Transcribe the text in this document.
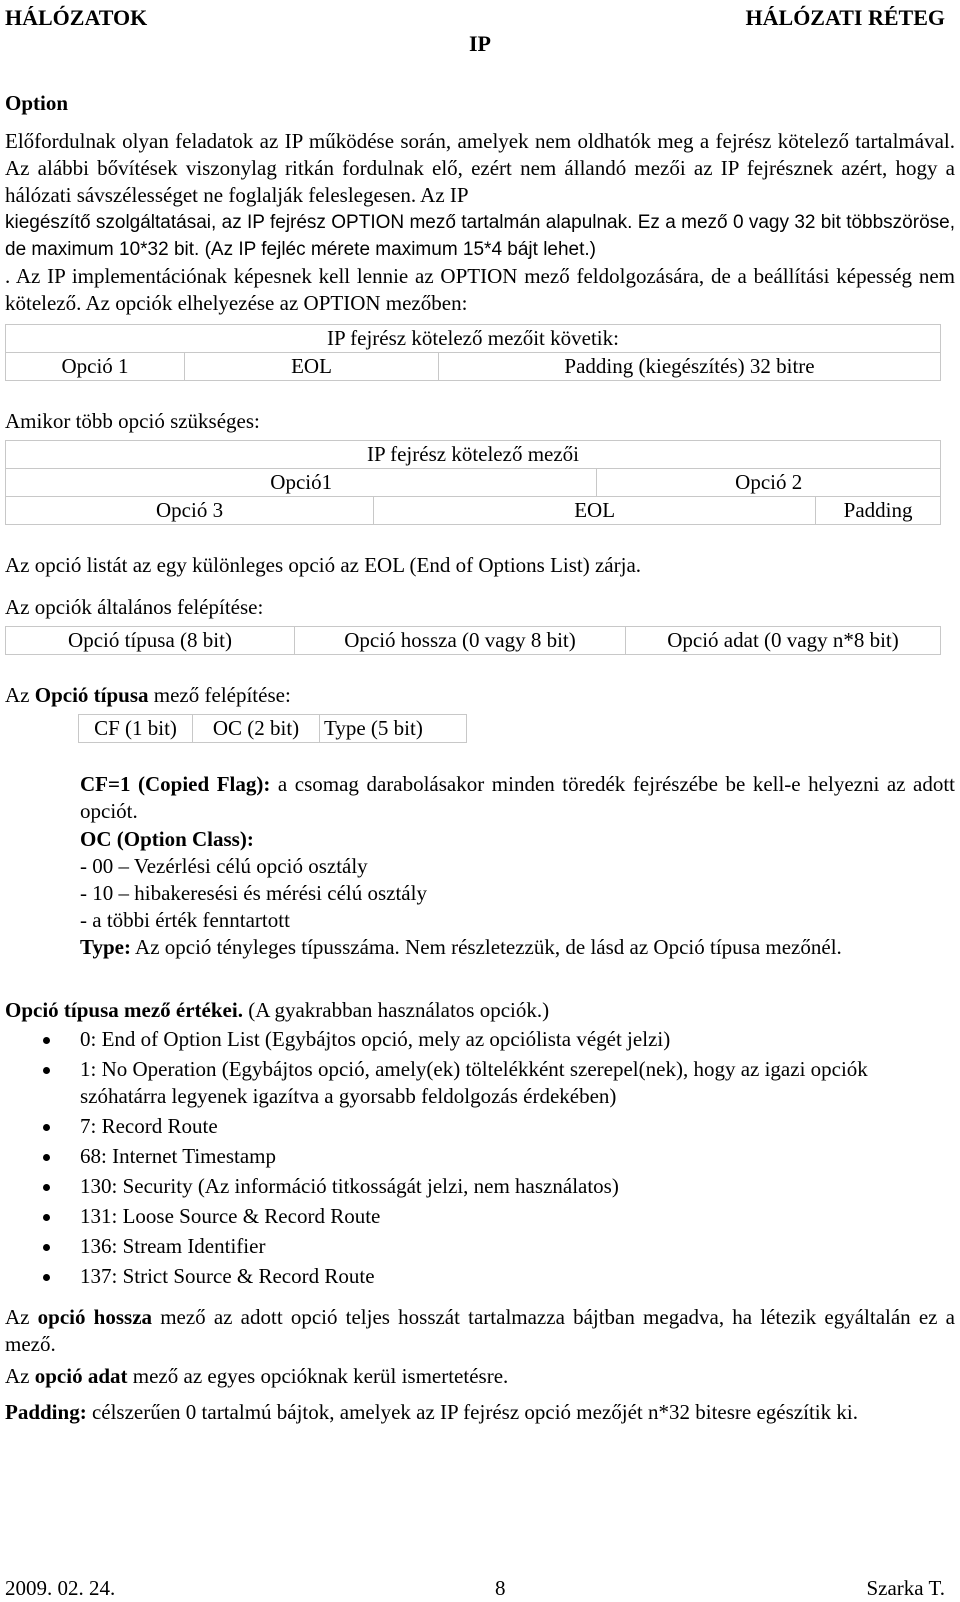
HÁLÓZATOK	HÁLÓZATI RÉTEG
IP
Option
Előfordulnak olyan feladatok az IP működése során, amelyek nem oldhatók meg a fejrész kötelező tartalmával. Az alábbi bővítések viszonylag ritkán fordulnak elő, ezért nem állandó mezői az IP fejrésznek azért, hogy a hálózati sávszélességet ne foglalják feleslegesen. Az IP
kiegészítő szolgáltatásai, az IP fejrész OPTION mező tartalmán alapulnak. Ez a mező 0 vagy 32 bit többszöröse, de maximum 10*32 bit. (Az IP fejléc mérete maximum 15*4 bájt lehet.)
. Az IP implementációnak képesnek kell lennie az OPTION mező feldolgozására, de a beállítási képesség nem kötelező. Az opciók elhelyezése az OPTION mezőben:
IP fejrész kötelező mezőit követik:
Opció 1	EOL	Padding (kiegészítés) 32 bitre
Amikor több opció szükséges:
IP fejrész kötelező mezői			
Opció1		Opció 2	
Opció 3	EOL		Padding
Az opció listát az egy különleges opció az EOL (End of Options List) zárja.
Az opciók általános felépítése:
Opció típusa (8 bit)	Opció hossza (0 vagy 8 bit)	Opció adat (0 vagy n*8 bit)
Az Opció típusa mező felépítése:
CF (1 bit)	OC (2 bit)	Type (5 bit)
CF=1 (Copied Flag): a csomag darabolásakor minden töredék fejrészébe be kell-e helyezni az adott opciót.
OC (Option Class):
- 00 – Vezérlési célú opció osztály
- 10 – hibakeresési és mérési célú osztály
- a többi érték fenntartott
Type: Az opció tényleges típusszáma. Nem részletezzük, de lásd az Opció típusa mezőnél.
Opció típusa mező értékei. (A gyakrabban használatos opciók.)
0: End of Option List (Egybájtos opció, mely az opciólista végét jelzi)
1: No Operation (Egybájtos opció, amely(ek) töltelékként szerepel(nek), hogy az igazi opciók szóhatárra legyenek igazítva a gyorsabb feldolgozás érdekében)
7: Record Route
68: Internet Timestamp
130: Security (Az információ titkosságát jelzi, nem használatos)
131: Loose Source & Record Route
136: Stream Identifier
137: Strict Source & Record Route
Az opció hossza mező az adott opció teljes hosszát tartalmazza bájtban megadva, ha létezik egyáltalán ez a mező.
Az opció adat mező az egyes opcióknak kerül ismertetésre.
Padding: célszerűen 0 tartalmú bájtok, amelyek az IP fejrész opció mezőjét n*32 bitesre egészítik ki.
2009. 02. 24.	8	Szarka T.
